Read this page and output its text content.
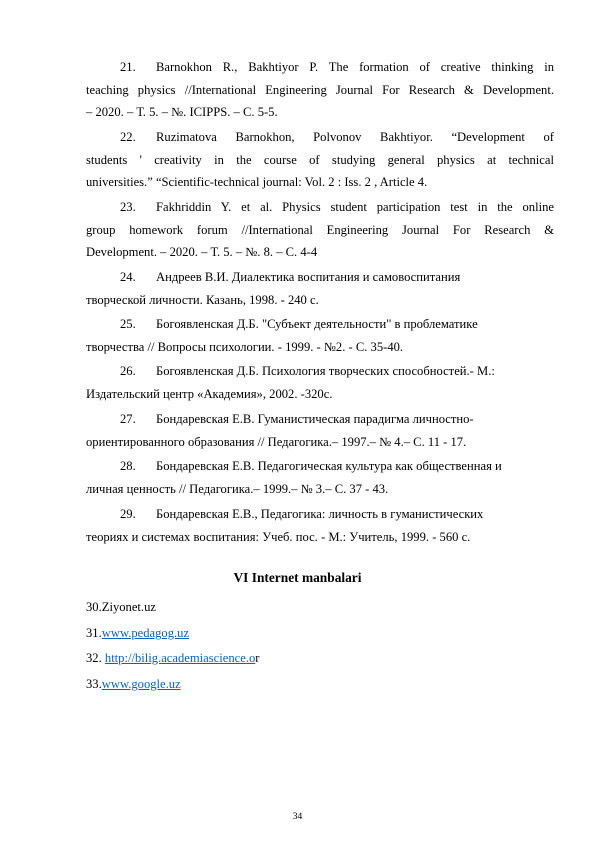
21.	Barnokhon R., Bakhtiyor P. The formation of creative thinking in
teaching physics //International Engineering Journal For Research & Development.
– 2020. – Т. 5. – №. ICIPPS. – С. 5-5.
22.	Ruzimatova Barnokhon, Polvonov Bakhtiyor. “Development of
students ' creativity in the course of studying general physics at technical
universities.” “Scientific-technical journal: Vol. 2 : Iss. 2 , Article 4.
23.	Fakhriddin Y. et al. Physics student participation test in the online
group homework forum //International Engineering Journal For Research &
Development. – 2020. – Т. 5. – №. 8. – С. 4-4
24.	Андреев В.И. Диалектика воспитания и самовоспитания
творческой личности. Казань, 1998. - 240 с.
25.	Богоявленская Д.Б. "Субъект деятельности" в проблематике
творчества // Вопросы психологии. - 1999. - №2. - С. 35-40.
26.	Богоявленская Д.Б. Психология творческих способностей.- М.:
Издательский центр «Академия», 2002. -320с.
27.	Бондаревская Е.В. Гуманистическая парадигма личностно-
ориентированного образования // Педагогика.– 1997.– № 4.– С. 11 - 17.
28.	Бондаревская Е.В. Педагогическая культура как общественная и
личная ценность // Педагогика.– 1999.– № 3.– С. 37 - 43.
29.	Бондаревская Е.В., Педагогика: личность в гуманистических
теориях и системах воспитания: Учеб. пос. - М.: Учитель, 1999. - 560 с.
VI Internet manbalari
30.Ziyonet.uz
31.www.pedagog.uz
32. http://bilig.academiascience.or
33.www.google.uz
34
